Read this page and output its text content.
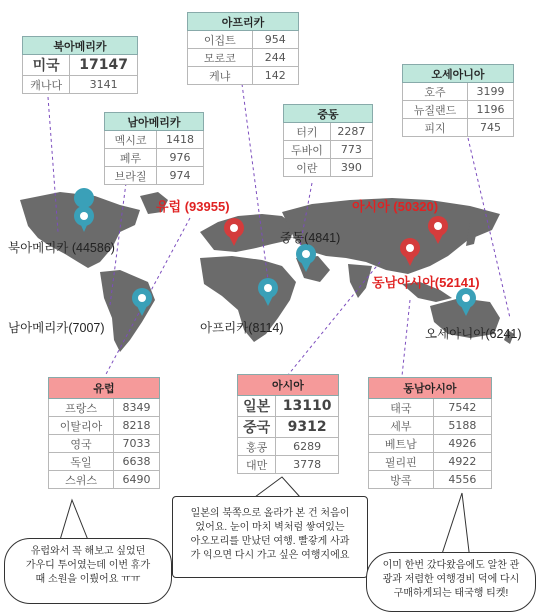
북아메리카 (44586)
남아메리카(7007)
유럽 (93955)
중동(4841)
아시아 (50320)
동남아시아(52141)
아프리카(8114)	오세아니아(6241)
북아메리카	
미국	17147
캐나다	3141
남아메리카	
멕시코	1418
페루	976
브라질	974
아프리카	
이집트	954
모로코	244
케냐	142
중동	
터키	2287
두바이	773
이란	390
오세아니아	
호주	3199
뉴질랜드	1196
피지	745
유럽	
프랑스	8349
이탈리아	8218
영국	7033
독일	6638
스위스	6490
아시아	
일본	13110
중국	9312
홍콩	6289
대만	3778
동남아시아	
태국	7542
세부	5188
베트남	4926
필리핀	4922
방콕	4556
유럽와서 꼭 해보고 싶었던
가우디 투어였는데 이번 휴가
때 소원을 이뤘어요 ㅠㅠ
일본의 북쪽으로 올라가 본 건 처음이
었어요. 눈이 마치 벽처럼 쌓여있는
아오모리를 만났던 여행. 빨갛게 사과
가 익으면 다시 가고 싶은 여행지에요
이미 한번 갔다왔음에도 알찬 관
광과 저렴한 여행경비 덕에 다시
구매하게되는 태국행 티켓!
